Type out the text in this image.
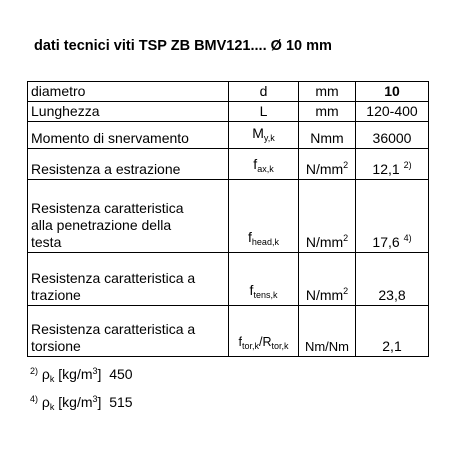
dati tecnici viti TSP ZB BMV121.... Ø 10 mm
diametro	d	mm	10
Lunghezza	L	mm	120-400
Momento di snervamento	$M_{y,k}$	Nmm	36000
Resistenza a estrazione	$f_{ax,k}$	$N/mm^2$	12,1 $^{2)}$
Resistenza caratteristica
alla penetrazione della
testa	$f_{head,k}$	$N/mm^2$	17,6 $^{4)}$
Resistenza caratteristica a
trazione	$f_{tens,k}$	$N/mm^2$	23,8
Resistenza caratteristica a
torsione	$f_{tor,k}/R_{tor,k}$	Nm/Nm	2,1
$^{2)}$ $\rho_k$ $[kg/m^3]$ 450
$^{4)}$ $\rho_k$ $[kg/m^3]$ 515
